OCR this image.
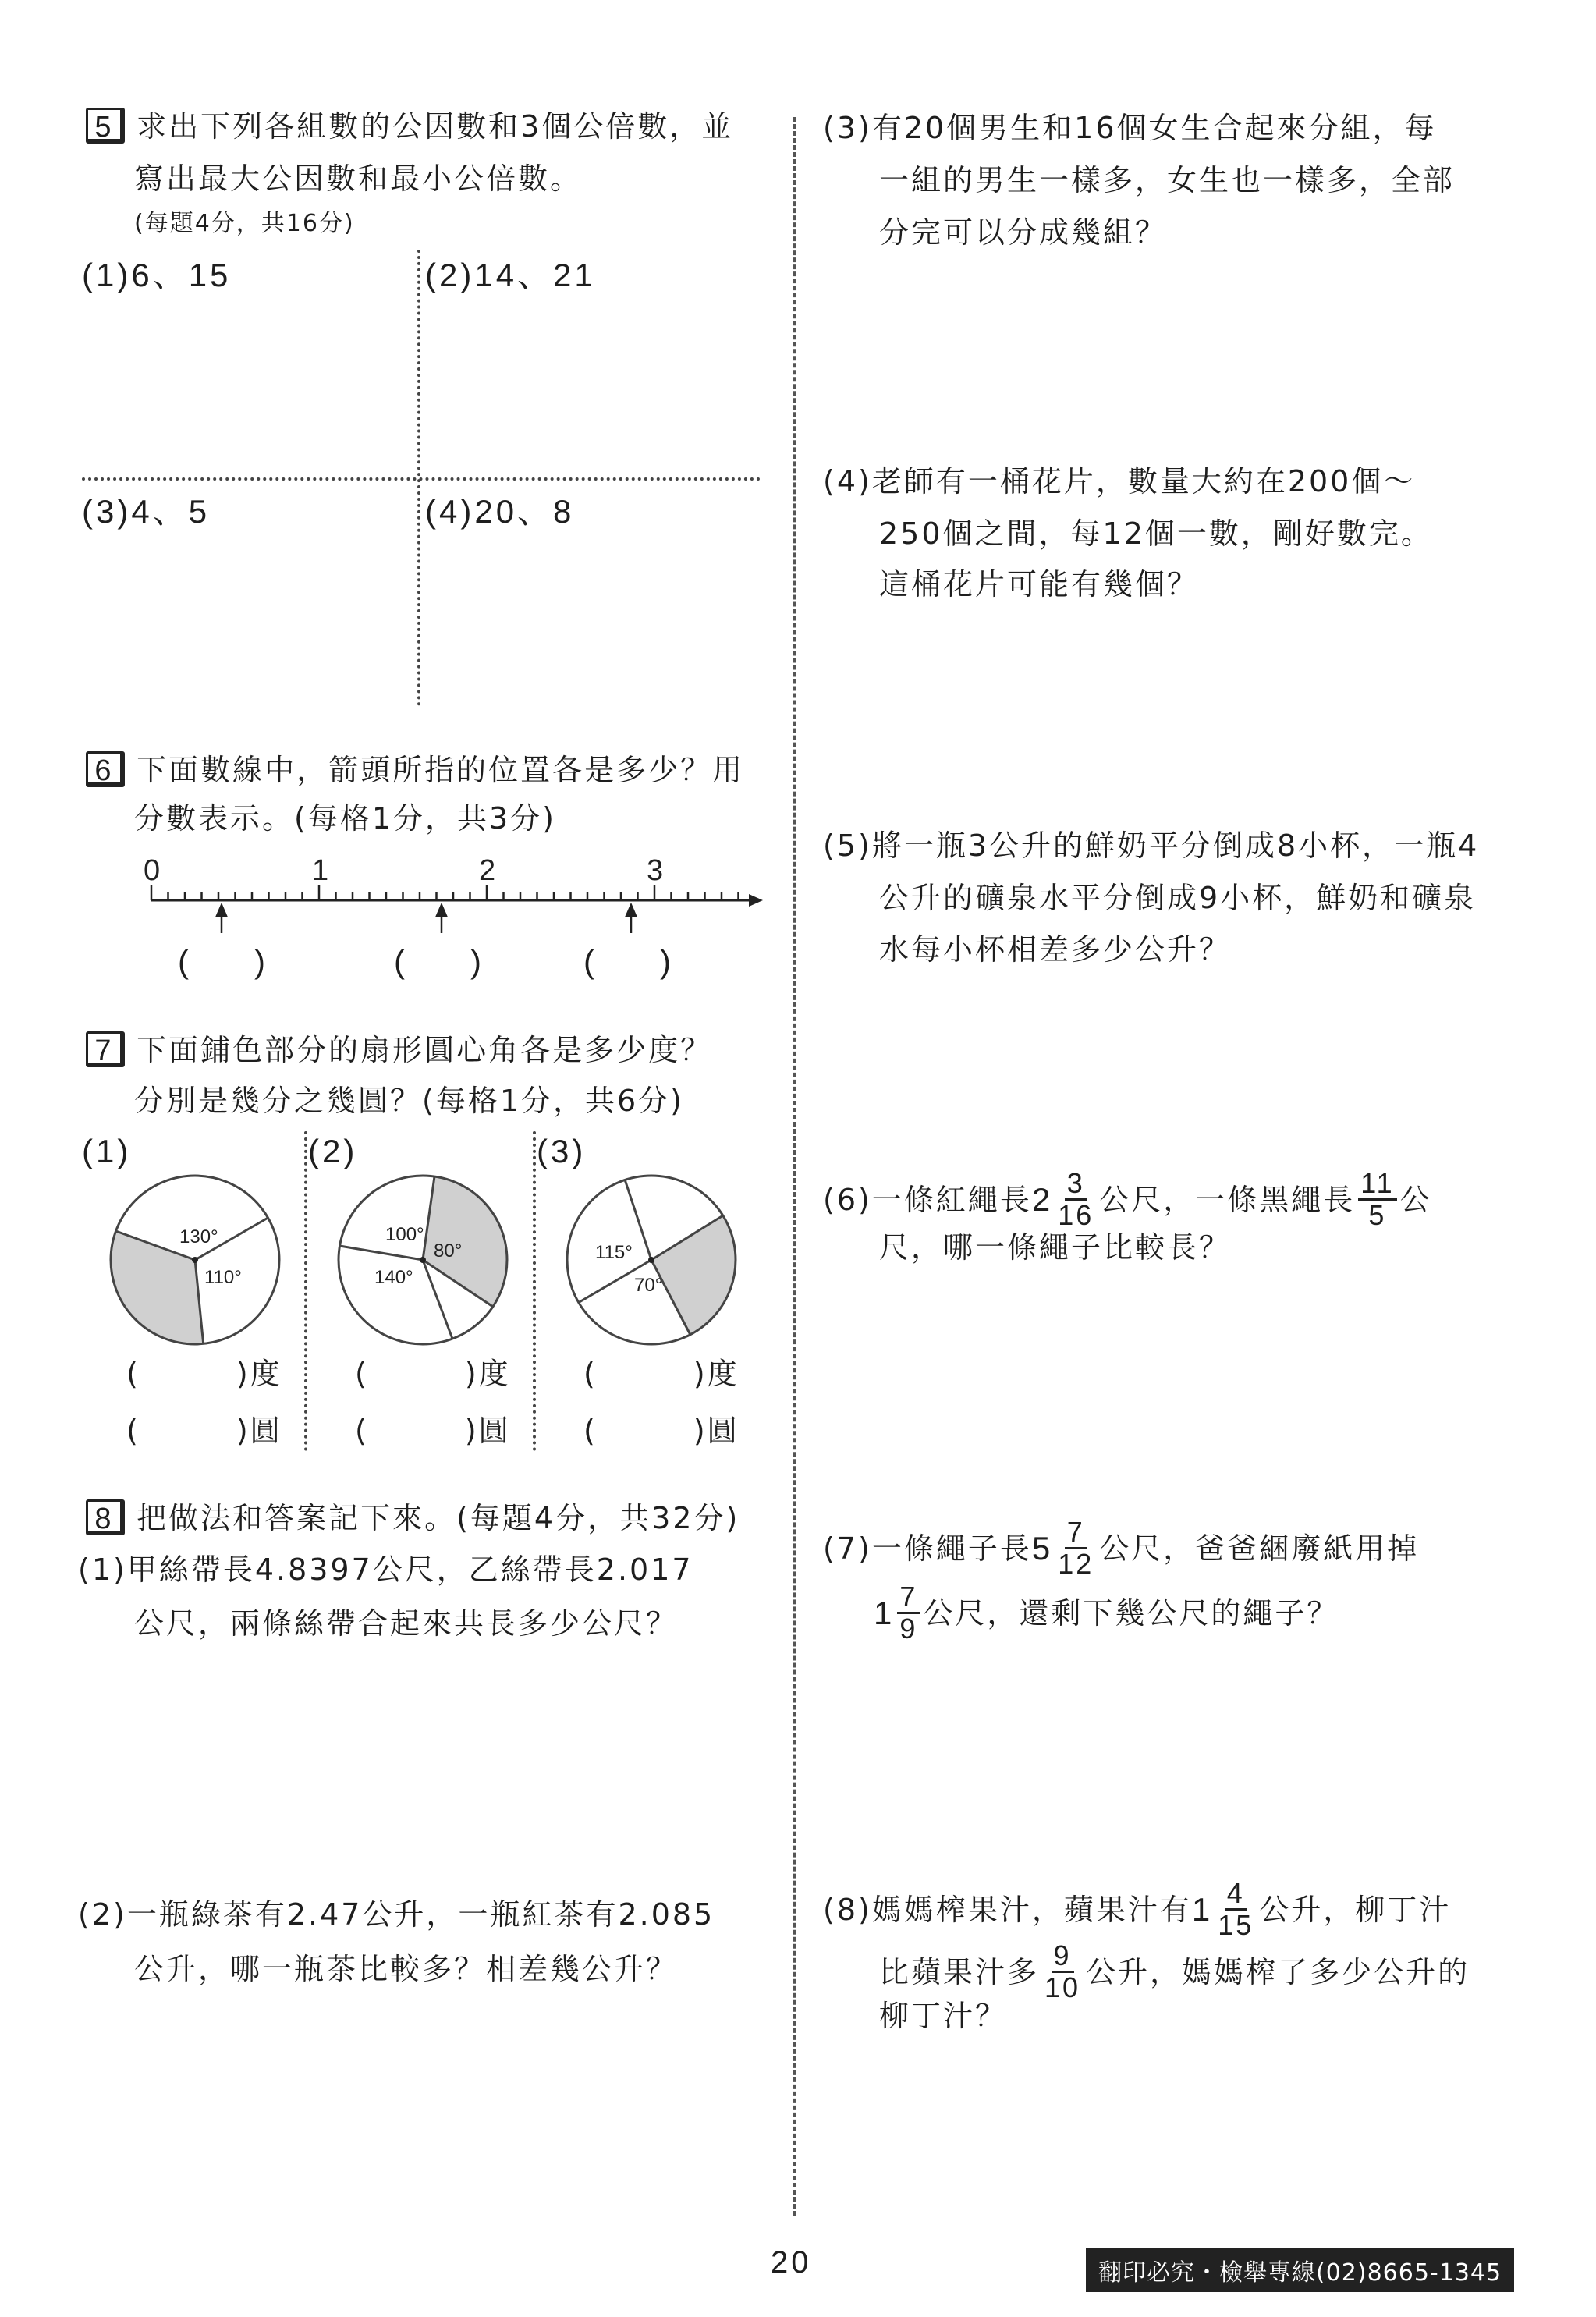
5 求出下列各組數的公因數和3個公倍數，並
寫出最大公因數和最小公倍數。
(每題4分，共16分)
(1)6、15	(2)14、21
(3)4、5	(4)20、8
6 下面數線中，箭頭所指的位置各是多少？用
分數表示。(每格1分，共3分)
0	1	2	3
(　　)	(　　)	(　　)
7 下面鋪色部分的扇形圓心角各是多少度？
分別是幾分之幾圓？(每格1分，共6分)
(1)	(2)	(3)
130°
110°
100°
80°
140°
115°
70°
(　　　)度
(　　　)圓
(　　　)度
(　　　)圓
(　　　)度
(　　　)圓
8 把做法和答案記下來。(每題4分，共32分)
(1)甲絲帶長4.8397公尺，乙絲帶長2.017
公尺，兩條絲帶合起來共長多少公尺？
(2)一瓶綠茶有2.47公升，一瓶紅茶有2.085
公升，哪一瓶茶比較多？相差幾公升？
(3)有20個男生和16個女生合起來分組，每
一組的男生一樣多，女生也一樣多，全部
分完可以分成幾組？
(4)老師有一桶花片，數量大約在200個～
250個之間，每12個一數，剛好數完。
這桶花片可能有幾個？
(5)將一瓶3公升的鮮奶平分倒成8小杯，一瓶4
公升的礦泉水平分倒成9小杯，鮮奶和礦泉
水每小杯相差多少公升？
(6)一條紅繩長 $2 \frac{3}{16}$ 公尺，一條黑繩長 $\frac{11}{5}$ 公
尺，哪一條繩子比較長？
(7)一條繩子長 $5 \frac{7}{12}$ 公尺，爸爸綑廢紙用掉
$1 \frac{7}{9}$ 公尺，還剩下幾公尺的繩子？
(8)媽媽榨果汁，蘋果汁有 $1 \frac{4}{15}$ 公升，柳丁汁
比蘋果汁多 $\frac{9}{10}$ 公升，媽媽榨了多少公升的
柳丁汁？
20	翻印必究・檢舉專線(02)8665-1345
